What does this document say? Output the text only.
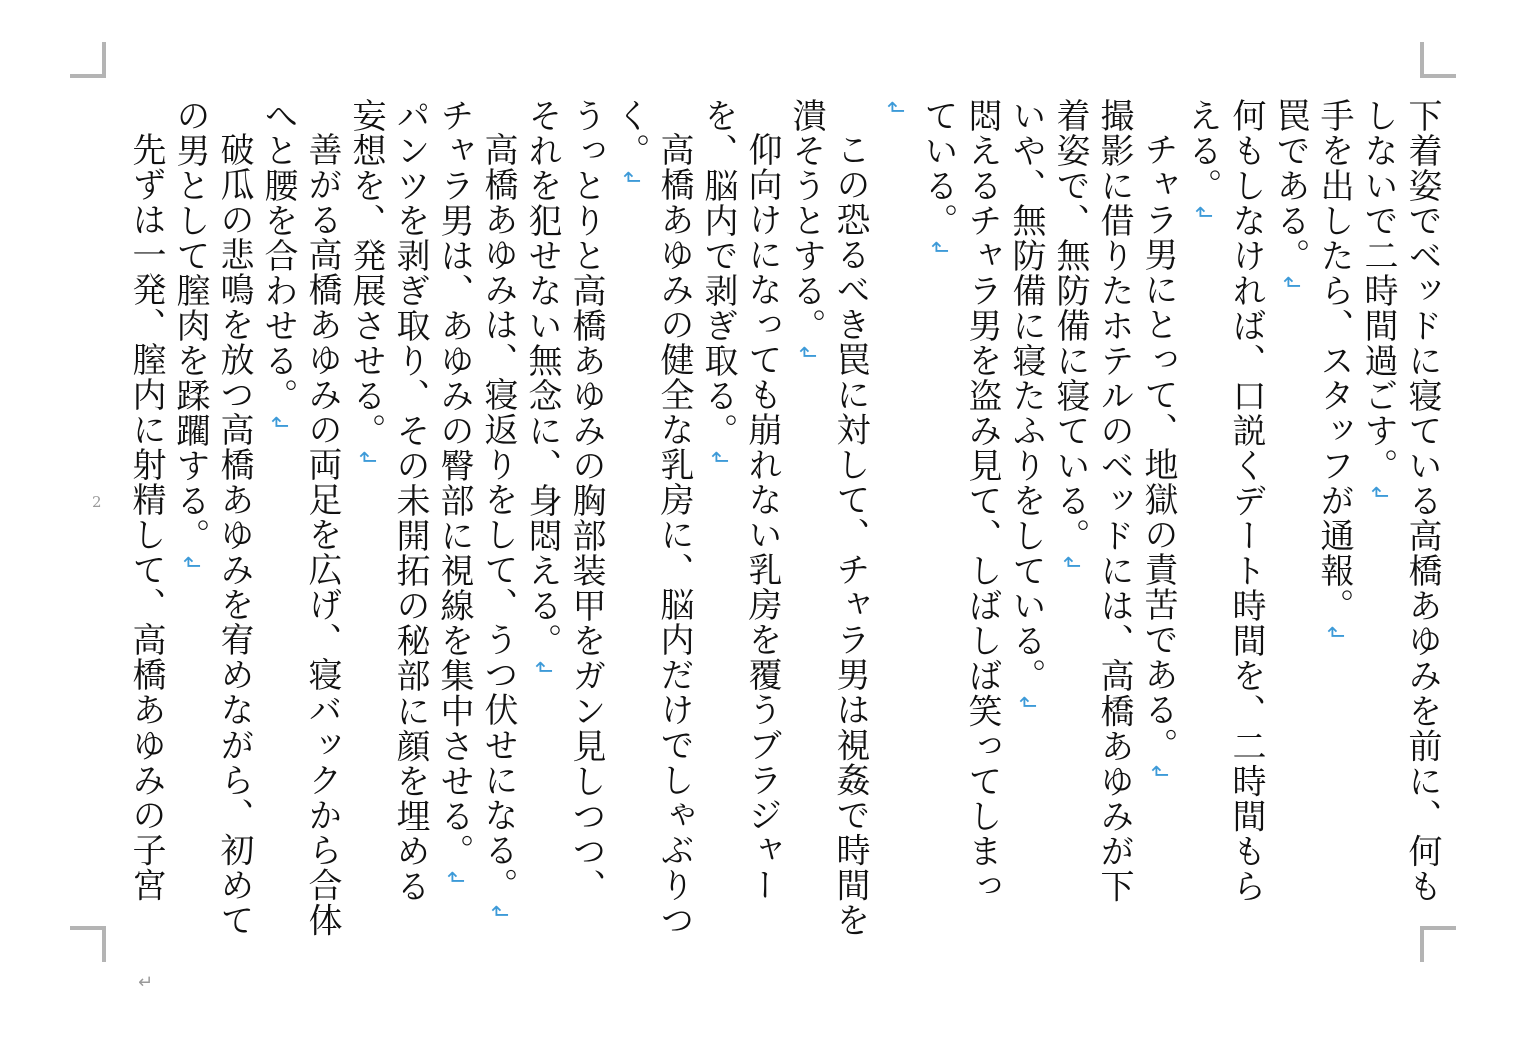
下着姿でベッドに寝ている高橋あゆみを前に、何もしないで二時間過ごす。↲

手を出したら、スタッフが通報。↲

罠である。↲

何もしなければ、口説くデート時間を、二時間もらえる。↲

チャラ男にとって、地獄の責苦である。↲

撮影に借りたホテルのベッドには、高橋あゆみが下着姿で、無防備に寝ている。↲

いや、無防備に寝たふりをしている。↲

悶えるチャラ男を盗み見て、しばしば笑ってしまっている。↲

↲

この恐るべき罠に対して、チャラ男は視姦で時間を潰そうとする。↲

仰向けになっても崩れない乳房を覆うブラジャーを、脳内で剥ぎ取る。↲

高橋あゆみの健全な乳房に、脳内だけでしゃぶりつく。↲

うっとりと高橋あゆみの胸部装甲をガン見しつつ、それを犯せない無念に、身悶える。↲

高橋あゆみは、寝返りをして、うつ伏せになる。↲

チャラ男は、あゆみの臀部に視線を集中させる。↲

パンツを剥ぎ取り、その未開拓の秘部に顔を埋める妄想を、発展させる。↲

善がる高橋あゆみの両足を広げ、寝バックから合体へと腰を合わせる。↲

破瓜の悲鳴を放つ高橋あゆみを宥めながら、初めての男として膣肉を蹂躙する。↲

先ずは一発、膣内に射精して、高橋あゆみの子宮

2
↵
